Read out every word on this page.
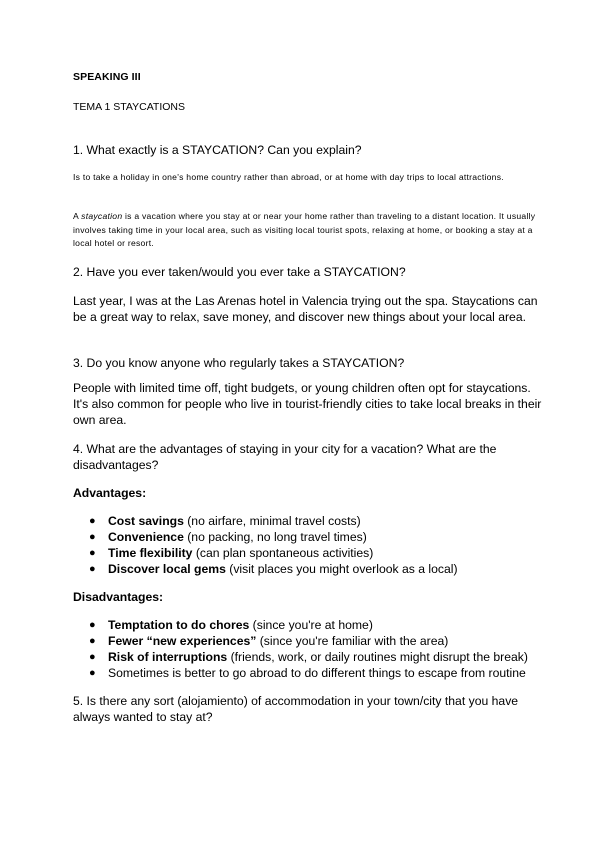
SPEAKING III
TEMA 1 STAYCATIONS
1. What exactly is a STAYCATION? Can you explain?
Is to take a holiday in one's home country rather than abroad, or at home with day trips to local attractions.
A staycation is a vacation where you stay at or near your home rather than traveling to a distant location. It usually involves taking time in your local area, such as visiting local tourist spots, relaxing at home, or booking a stay at a local hotel or resort.
2. Have you ever taken/would you ever take a STAYCATION?
Last year, I was at the Las Arenas hotel in Valencia trying out the spa. Staycations can be a great way to relax, save money, and discover new things about your local area.
3. Do you know anyone who regularly takes a STAYCATION?
People with limited time off, tight budgets, or young children often opt for staycations. It's also common for people who live in tourist-friendly cities to take local breaks in their own area.
4. What are the advantages of staying in your city for a vacation? What are the disadvantages?
Advantages:
● Cost savings (no airfare, minimal travel costs)
● Convenience (no packing, no long travel times)
● Time flexibility (can plan spontaneous activities)
● Discover local gems (visit places you might overlook as a local)
Disadvantages:
● Temptation to do chores (since you're at home)
● Fewer “new experiences” (since you're familiar with the area)
● Risk of interruptions (friends, work, or daily routines might disrupt the break)
● Sometimes is better to go abroad to do different things to escape from routine
5. Is there any sort (alojamiento) of accommodation in your town/city that you have always wanted to stay at?
